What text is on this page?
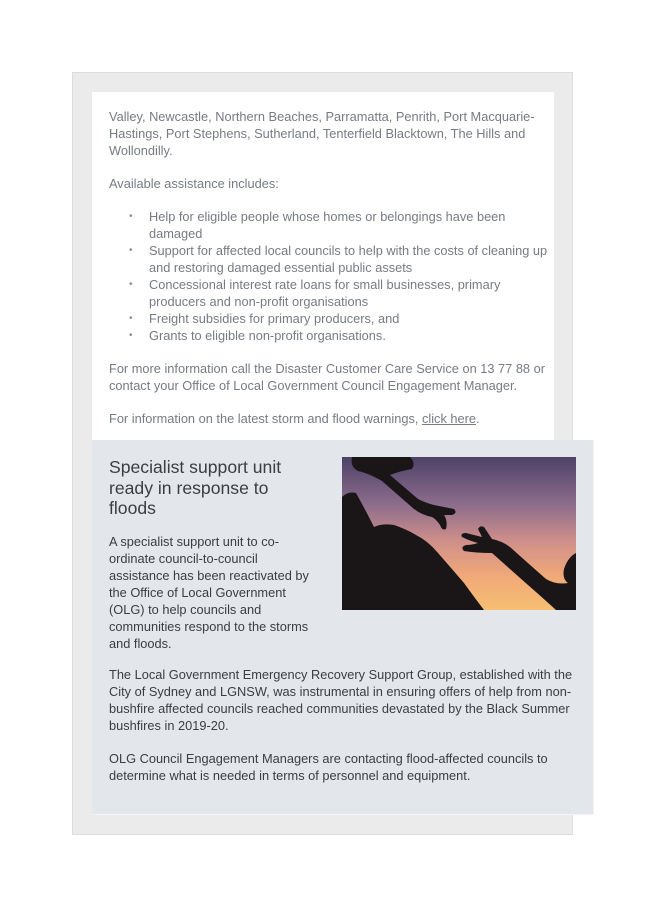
Valley, Newcastle, Northern Beaches, Parramatta, Penrith, Port Macquarie-Hastings, Port Stephens, Sutherland, Tenterfield Blacktown, The Hills and Wollondilly.

Available assistance includes:

• Help for eligible people whose homes or belongings have been
damaged
• Support for affected local councils to help with the costs of cleaning up
and restoring damaged essential public assets
• Concessional interest rate loans for small businesses, primary
producers and non-profit organisations
• Freight subsidies for primary producers, and
• Grants to eligible non-profit organisations.

For more information call the Disaster Customer Care Service on 13 77 88 or
contact your Office of Local Government Council Engagement Manager.

For information on the latest storm and flood warnings, click here.

Specialist support unit ready in response to floods

A specialist support unit to co-ordinate council-to-council assistance has been reactivated by the Office of Local Government (OLG) to help councils and communities respond to the storms and floods.

The Local Government Emergency Recovery Support Group, established with the City of Sydney and LGNSW, was instrumental in ensuring offers of help from non-bushfire affected councils reached communities devastated by the Black Summer bushfires in 2019-20.

OLG Council Engagement Managers are contacting flood-affected councils to determine what is needed in terms of personnel and equipment.
